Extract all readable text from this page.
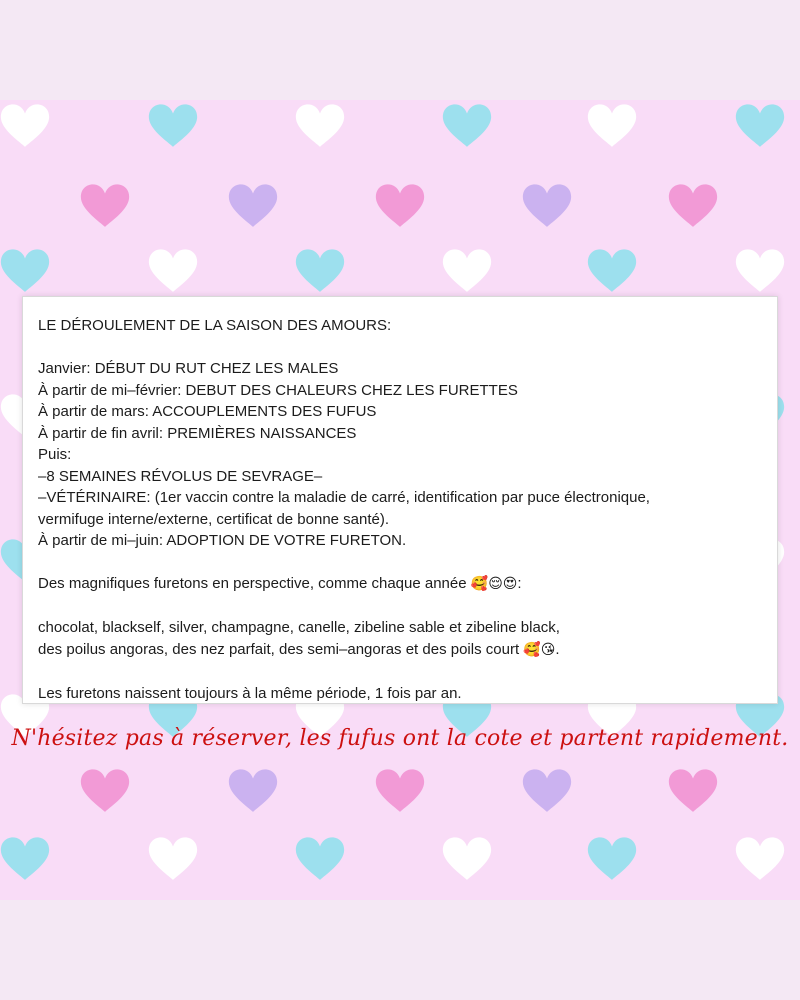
LE DÉROULEMENT DE LA SAISON DES AMOURS:
Janvier: DÉBUT DU RUT CHEZ LES MALES
À partir de mi–février: DEBUT DES CHALEURS CHEZ LES FURETTES
À partir de mars: ACCOUPLEMENTS DES FUFUS
À partir de fin avril: PREMIÈRES NAISSANCES
Puis:
–8 SEMAINES RÉVOLUS DE SEVRAGE–
–VÉTÉRINAIRE: (1er vaccin contre la maladie de carré, identification par puce électronique,
vermifuge interne/externe, certificat de bonne santé).
À partir de mi–juin: ADOPTION DE VOTRE FURETON.
Des magnifiques furetons en perspective, comme chaque année 🥰😌😍:
chocolat, blackself, silver, champagne, canelle, zibeline sable et zibeline black,
des poilus angoras, des nez parfait, des semi–angoras et des poils court 🥰😘.
Les furetons naissent toujours à la même période, 1 fois par an.
N'hésitez pas à réserver, les fufus ont la cote et partent rapidement.
